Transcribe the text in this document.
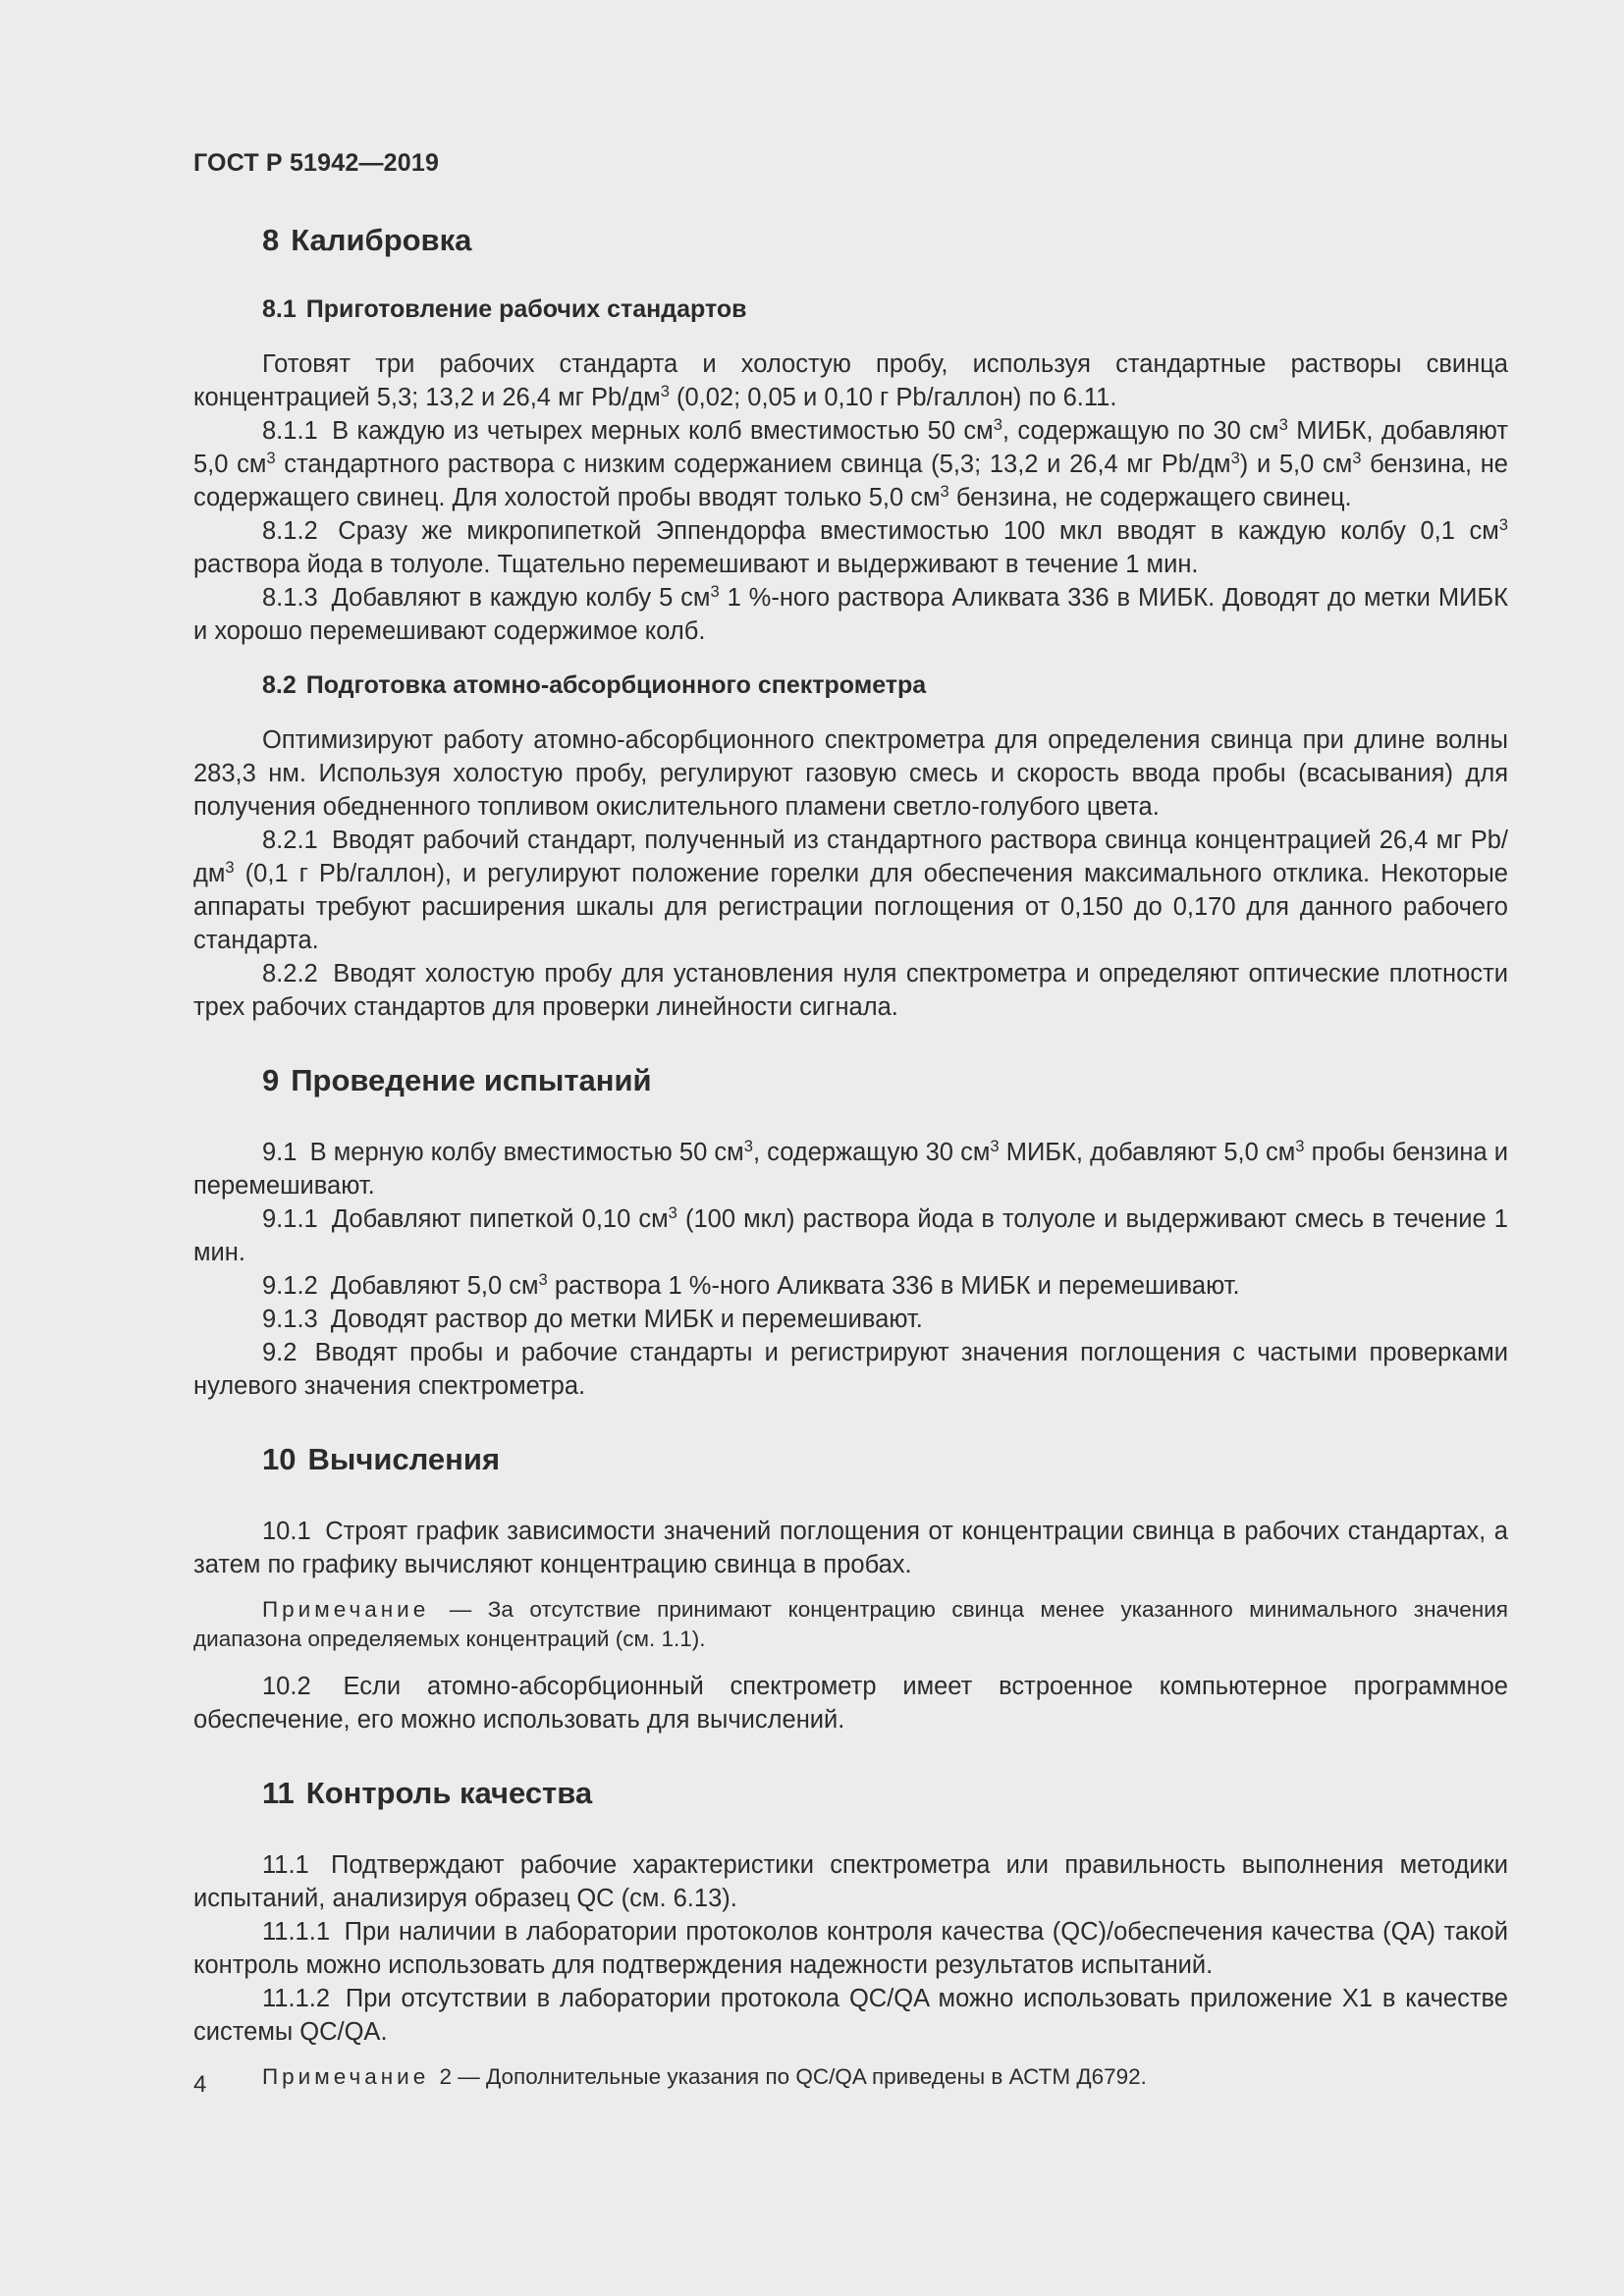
ГОСТ Р 51942—2019
8 Калибровка
8.1 Приготовление рабочих стандартов

Готовят три рабочих стандарта и холостую пробу, используя стандартные растворы свинца концентрацией 5,3; 13,2 и 26,4 мг $Pb/дм^3$ (0,02; 0,05 и 0,10 г Pb/галлон) по 6.11.

8.1.1 В каждую из четырех мерных колб вместимостью 50 $см^3$, содержащую по 30 $см^3$ МИБК, добавляют 5,0 $см^3$ стандартного раствора с низким содержанием свинца (5,3; 13,2 и 26,4 мг $Pb/дм^3$) и 5,0 $см^3$ бензина, не содержащего свинец. Для холостой пробы вводят только 5,0 $см^3$ бензина, не содержащего свинец.

8.1.2 Сразу же микропипеткой Эппендорфа вместимостью 100 мкл вводят в каждую колбу 0,1 $см^3$ раствора йода в толуоле. Тщательно перемешивают и выдерживают в течение 1 мин.

8.1.3 Добавляют в каждую колбу 5 $см^3$ 1 %-ного раствора Аликвата 336 в МИБК. Доводят до метки МИБК и хорошо перемешивают содержимое колб.

8.2 Подготовка атомно-абсорбционного спектрометра

Оптимизируют работу атомно-абсорбционного спектрометра для определения свинца при длине волны 283,3 нм. Используя холостую пробу, регулируют газовую смесь и скорость ввода пробы (всасывания) для получения обедненного топливом окислительного пламени светло-голубого цвета.

8.2.1 Вводят рабочий стандарт, полученный из стандартного раствора свинца концентрацией 26,4 мг $Pb/дм^3$ (0,1 г Pb/галлон), и регулируют положение горелки для обеспечения максимального отклика. Некоторые аппараты требуют расширения шкалы для регистрации поглощения от 0,150 до 0,170 для данного рабочего стандарта.

8.2.2 Вводят холостую пробу для установления нуля спектрометра и определяют оптические плотности трех рабочих стандартов для проверки линейности сигнала.

9 Проведение испытаний

9.1 В мерную колбу вместимостью 50 $см^3$, содержащую 30 $см^3$ МИБК, добавляют 5,0 $см^3$ пробы бензина и перемешивают.

9.1.1 Добавляют пипеткой 0,10 $см^3$ (100 мкл) раствора йода в толуоле и выдерживают смесь в течение 1 мин.

9.1.2 Добавляют 5,0 $см^3$ раствора 1 %-ного Аликвата 336 в МИБК и перемешивают.

9.1.3 Доводят раствор до метки МИБК и перемешивают.

9.2 Вводят пробы и рабочие стандарты и регистрируют значения поглощения с частыми проверками нулевого значения спектрометра.

10 Вычисления

10.1 Строят график зависимости значений поглощения от концентрации свинца в рабочих стандартах, а затем по графику вычисляют концентрацию свинца в пробах.

Примечание — За отсутствие принимают концентрацию свинца менее указанного минимального значения диапазона определяемых концентраций (см. 1.1).

10.2 Если атомно-абсорбционный спектрометр имеет встроенное компьютерное программное обеспечение, его можно использовать для вычислений.

11 Контроль качества

11.1 Подтверждают рабочие характеристики спектрометра или правильность выполнения методики испытаний, анализируя образец QC (см. 6.13).

11.1.1 При наличии в лаборатории протоколов контроля качества (QC)/обеспечения качества (QA) такой контроль можно использовать для подтверждения надежности результатов испытаний.

11.1.2 При отсутствии в лаборатории протокола QC/QA можно использовать приложение Х1 в качестве системы QC/QA.

Примечание 2 — Дополнительные указания по QC/QA приведены в АСТМ Д6792.

4
